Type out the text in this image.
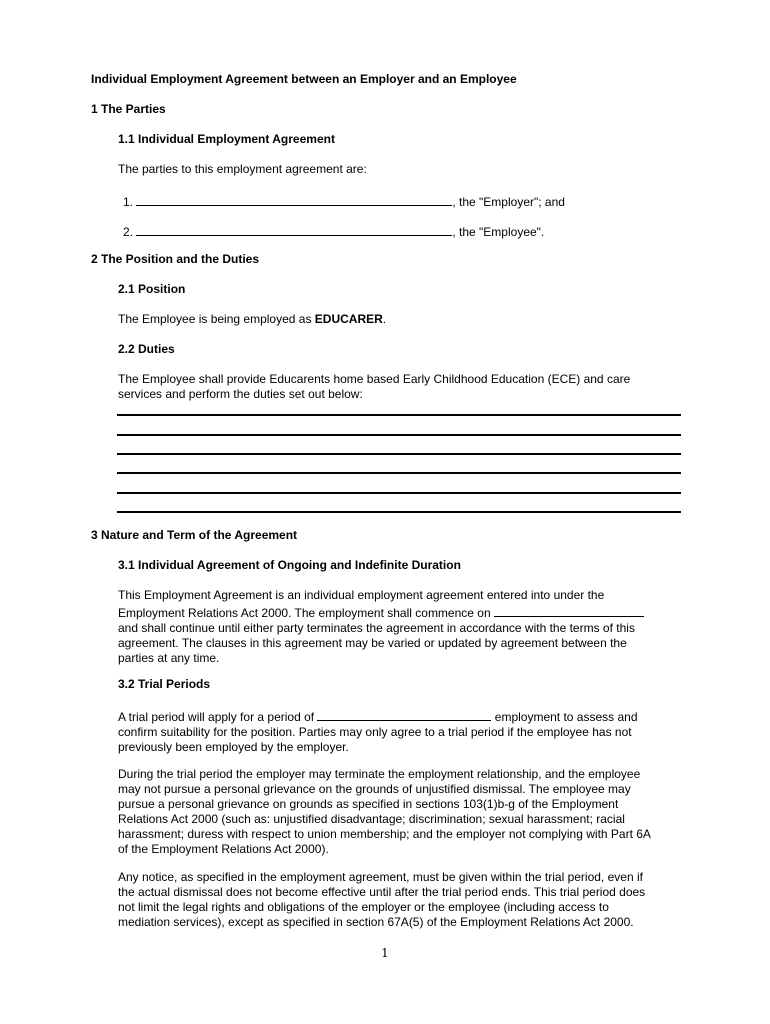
Individual Employment Agreement between an Employer and an Employee
1 The Parties
1.1 Individual Employment Agreement
The parties to this employment agreement are:
1.	, the "Employer"; and
2.	, the "Employee".
2 The Position and the Duties
2.1 Position
The Employee is being employed as EDUCARER.
2.2 Duties
The Employee shall provide Educarents home based Early Childhood Education (ECE) and care
services and perform the duties set out below:
3 Nature and Term of the Agreement
3.1 Individual Agreement of Ongoing and Indefinite Duration
This Employment Agreement is an individual employment agreement entered into under the
Employment Relations Act 2000. The employment shall commence on
and shall continue until either party terminates the agreement in accordance with the terms of this
agreement. The clauses in this agreement may be varied or updated by agreement between the
parties at any time.
3.2 Trial Periods
A trial period will apply for a period of	employment to assess and
confirm suitability for the position. Parties may only agree to a trial period if the employee has not
previously been employed by the employer.
During the trial period the employer may terminate the employment relationship, and the employee
may not pursue a personal grievance on the grounds of unjustified dismissal. The employee may
pursue a personal grievance on grounds as specified in sections 103(1)b-g of the Employment
Relations Act 2000 (such as: unjustified disadvantage; discrimination; sexual harassment; racial
harassment; duress with respect to union membership; and the employer not complying with Part 6A
of the Employment Relations Act 2000).
Any notice, as specified in the employment agreement, must be given within the trial period, even if
the actual dismissal does not become effective until after the trial period ends. This trial period does
not limit the legal rights and obligations of the employer or the employee (including access to
mediation services), except as specified in section 67A(5) of the Employment Relations Act 2000.
1
